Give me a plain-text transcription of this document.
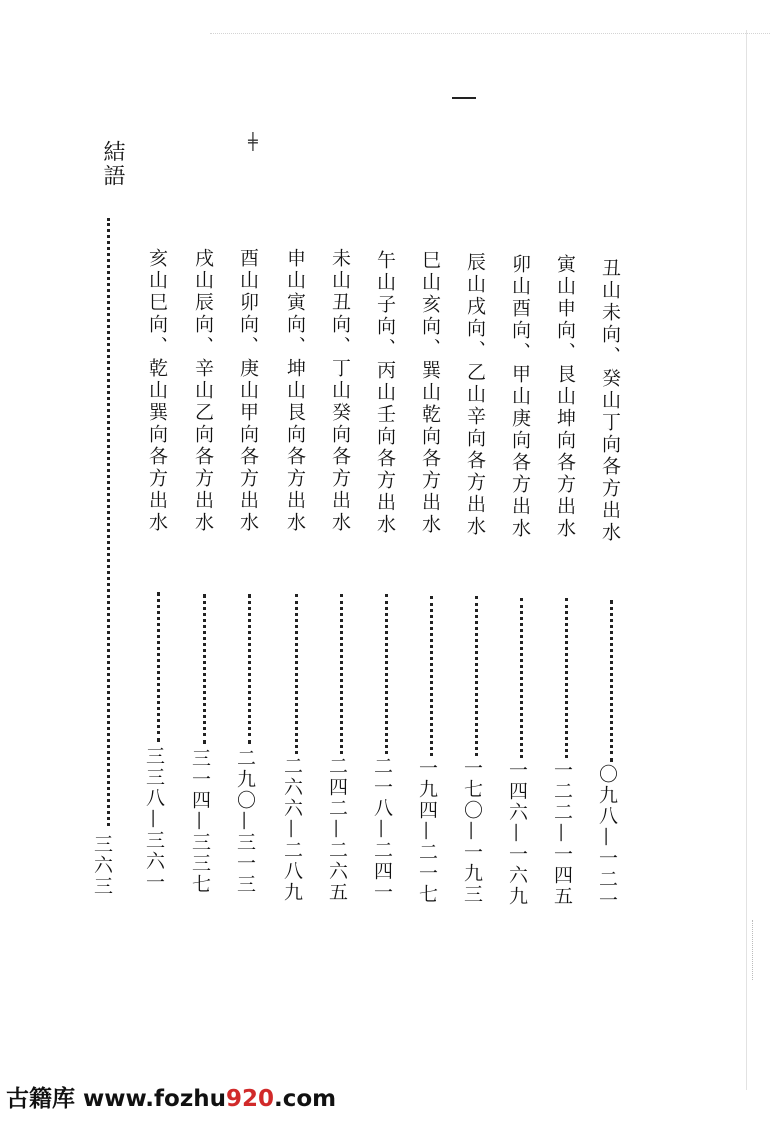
╪
結語
三六三
丑山未向、癸山丁向各方出水
〇九八—一二一
寅山申向、艮山坤向各方出水
一二二—一四五
卯山酉向、甲山庚向各方出水
一四六—一六九
辰山戌向、乙山辛向各方出水
一七〇—一九三
巳山亥向、巽山乾向各方出水
一九四—二一七
午山子向、丙山壬向各方出水
二一八—二四一
未山丑向、丁山癸向各方出水
二四二—二六五
申山寅向、坤山艮向各方出水
二六六—二八九
酉山卯向、庚山甲向各方出水
二九〇—三一三
戌山辰向、辛山乙向各方出水
三一四—三三七
亥山巳向、乾山巽向各方出水
三三八—三六一
古籍库 www.fozhu920.com
